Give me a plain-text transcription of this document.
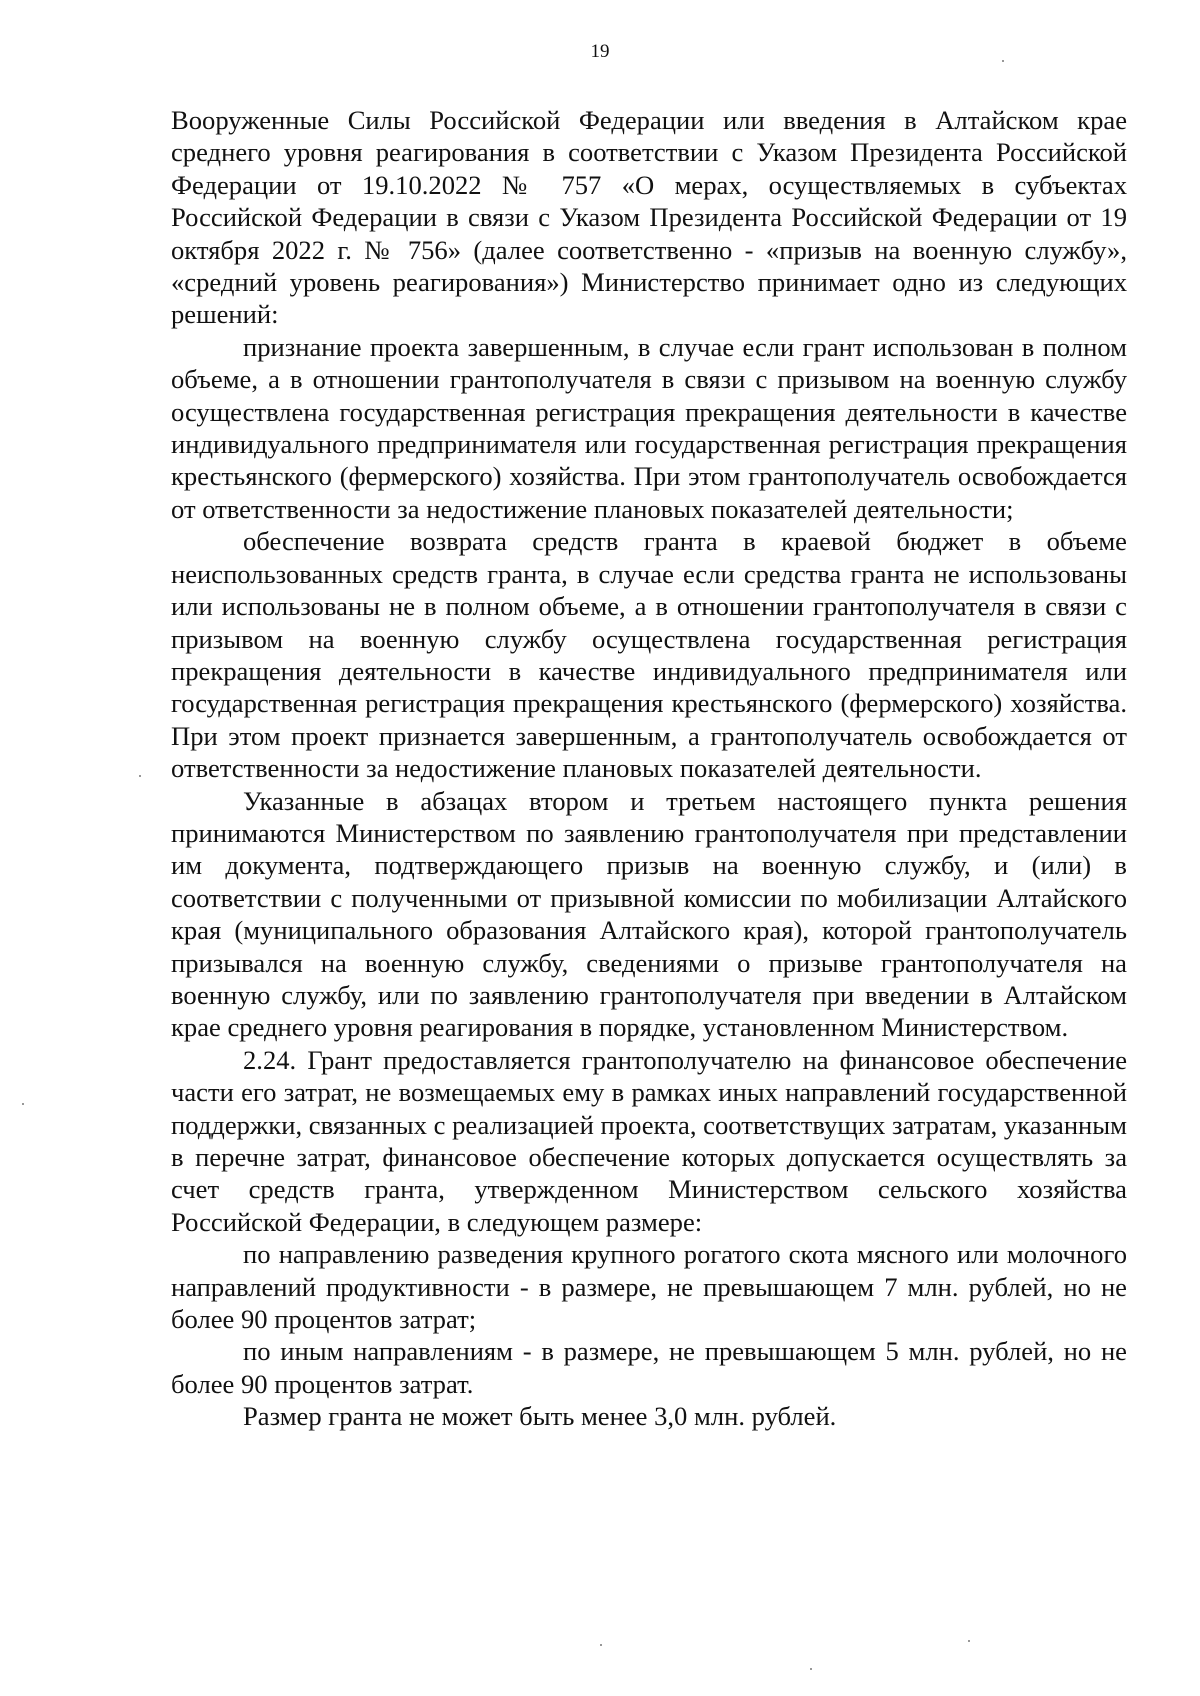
19

Вооруженные Силы Российской Федерации или введения в Алтайском крае среднего уровня реагирования в соответствии с Указом Президента Российской Федерации от 19.10.2022 № 757 «О мерах, осуществляемых в субъектах Российской Федерации в связи с Указом Президента Российской Федерации от 19 октября 2022 г. № 756» (далее соответственно - «призыв на военную службу», «средний уровень реагирования») Министерство принимает одно из следующих решений:

признание проекта завершенным, в случае если грант использован в полном объеме, а в отношении грантополучателя в связи с призывом на военную службу осуществлена государственная регистрация прекращения деятельности в качестве индивидуального предпринимателя или государственная регистрация прекращения крестьянского (фермерского) хозяйства. При этом грантополучатель освобождается от ответственности за недостижение плановых показателей деятельности;

обеспечение возврата средств гранта в краевой бюджет в объеме неиспользованных средств гранта, в случае если средства гранта не использованы или использованы не в полном объеме, а в отношении грантополучателя в связи с призывом на военную службу осуществлена государственная регистрация прекращения деятельности в качестве индивидуального предпринимателя или государственная регистрация прекращения крестьянского (фермерского) хозяйства. При этом проект признается завершенным, а грантополучатель освобождается от ответственности за недостижение плановых показателей деятельности.

Указанные в абзацах втором и третьем настоящего пункта решения принимаются Министерством по заявлению грантополучателя при представлении им документа, подтверждающего призыв на военную службу, и (или) в соответствии с полученными от призывной комиссии по мобилизации Алтайского края (муниципального образования Алтайского края), которой грантополучатель призывался на военную службу, сведениями о призыве грантополучателя на военную службу, или по заявлению грантополучателя при введении в Алтайском крае среднего уровня реагирования в порядке, установленном Министерством.

2.24. Грант предоставляется грантополучателю на финансовое обеспечение части его затрат, не возмещаемых ему в рамках иных направлений государственной поддержки, связанных с реализацией проекта, соответствущих затратам, указанным в перечне затрат, финансовое обеспечение которых допускается осуществлять за счет средств гранта, утвержденном Министерством сельского хозяйства Российской Федерации, в следующем размере:

по направлению разведения крупного рогатого скота мясного или молочного направлений продуктивности - в размере, не превышающем 7 млн. рублей, но не более 90 процентов затрат;

по иным направлениям - в размере, не превышающем 5 млн. рублей, но не более 90 процентов затрат.

Размер гранта не может быть менее 3,0 млн. рублей.
